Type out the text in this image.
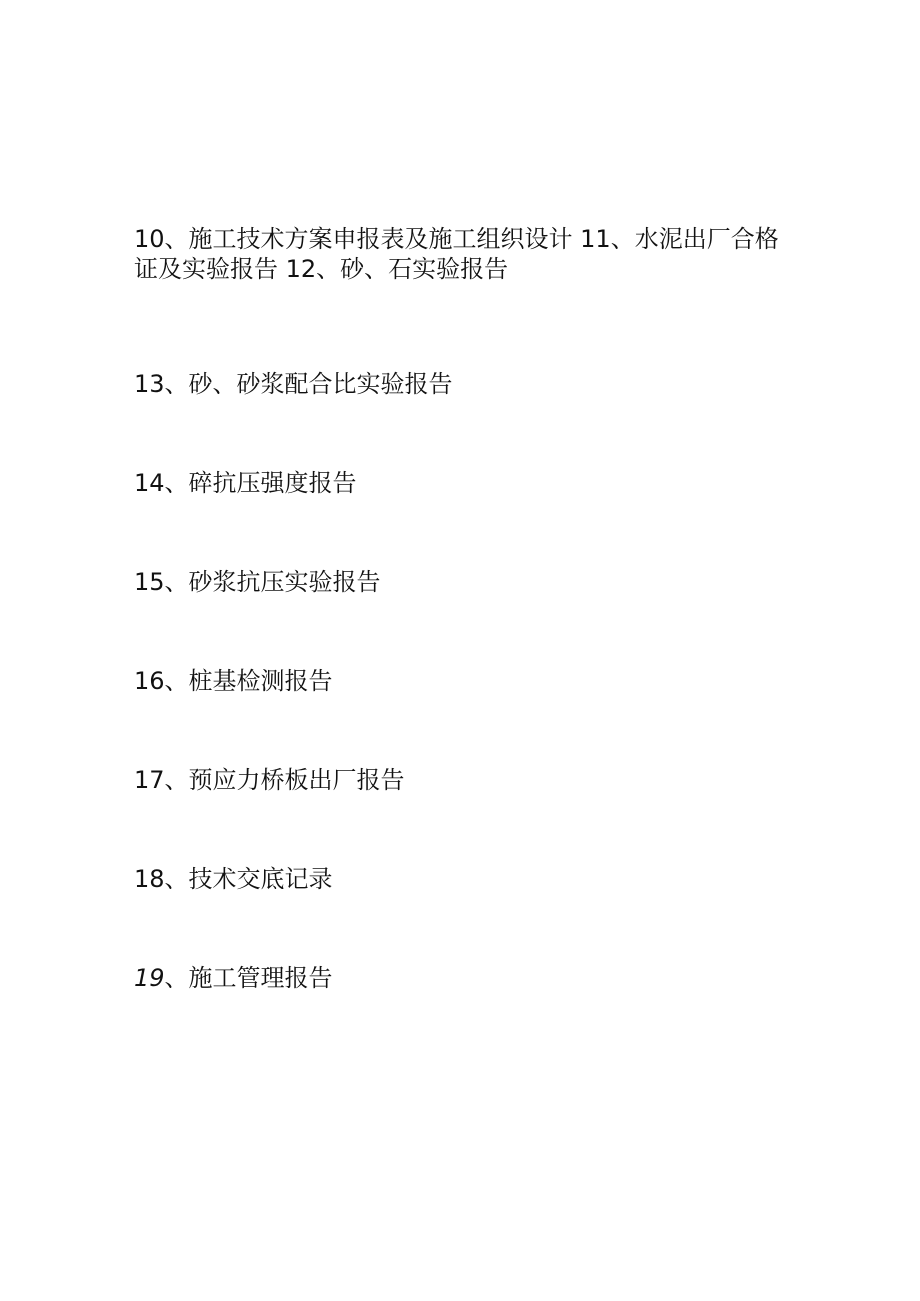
10、施工技术方案申报表及施工组织设计 11、水泥出厂合格证及实验报告 12、砂、石实验报告

13、砂、砂浆配合比实验报告

14、碎抗压强度报告

15、砂浆抗压实验报告

16、桩基检测报告

17、预应力桥板出厂报告

18、技术交底记录

19、施工管理报告
